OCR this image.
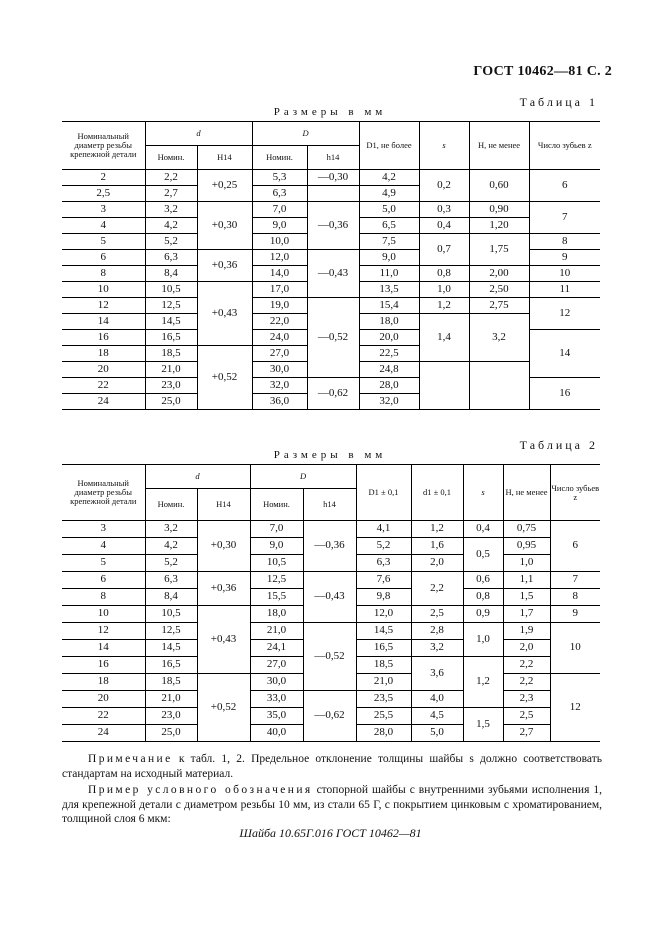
ГОСТ 10462—81 С. 2
Таблица 1
Размеры в мм
Номинальный диаметр резьбы крепежной детали	d		D		D1, не более	s	H, не менее	Число зубьев z
	Номин.	H14	Номин.	h14				
2	2,2	+0,25	5,3	—0,30	4,2	0,2	0,60	6
2,5	2,7		6,3		4,9			
3	3,2	+0,30	7,0	—0,36	5,0	0,3	0,90	7
4	4,2		9,0		6,5	0,4	1,20	
5	5,2		10,0		7,5	0,7	1,75	8
6	6,3	+0,36	12,0	—0,43	9,0			9
8	8,4		14,0		11,0	0,8	2,00	10
10	10,5	+0,43	17,0		13,5	1,0	2,50	11
12	12,5		19,0	—0,52	15,4	1,2	2,75	12
14	14,5		22,0		18,0	1,4	3,2	
16	16,5		24,0		20,0			14
18	18,5	+0,52	27,0		22,5			
20	21,0		30,0		24,8			
22	23,0		32,0	—0,62	28,0			16
24	25,0		36,0		32,0			
Таблица 2
Размеры в мм
Номинальный диаметр резьбы крепежной детали	d		D		D1 ± 0,1	d1 ± 0,1	s	H, не менее	Число зубьев z
	Номин.	H14	Номин.	h14					
3	3,2	+0,30	7,0	—0,36	4,1	1,2	0,4	0,75	6
4	4,2		9,0		5,2	1,6	0,5	0,95	
5	5,2		10,5		6,3	2,0		1,0	
6	6,3	+0,36	12,5	—0,43	7,6	2,2	0,6	1,1	7
8	8,4		15,5		9,8		0,8	1,5	8
10	10,5	+0,43	18,0		12,0	2,5	0,9	1,7	9
12	12,5		21,0	—0,52	14,5	2,8	1,0	1,9	10
14	14,5		24,1		16,5	3,2		2,0	
16	16,5		27,0		18,5	3,6	1,2	2,2	
18	18,5	+0,52	30,0		21,0			2,2	12
20	21,0		33,0	—0,62	23,5	4,0		2,3	
22	23,0		35,0		25,5	4,5	1,5	2,5	
24	25,0		40,0		28,0	5,0		2,7	
Примечание к табл. 1, 2. Предельное отклонение толщины шайбы s должно соответствовать стандартам на исходный материал.
Пример условного обозначения стопорной шайбы с внутренними зубьями исполнения 1, для крепежной детали с диаметром резьбы 10 мм, из стали 65 Г, с покрытием цинковым с хроматированием, толщиной слоя 6 мкм:
Шайба 10.65Г.016 ГОСТ 10462—81
